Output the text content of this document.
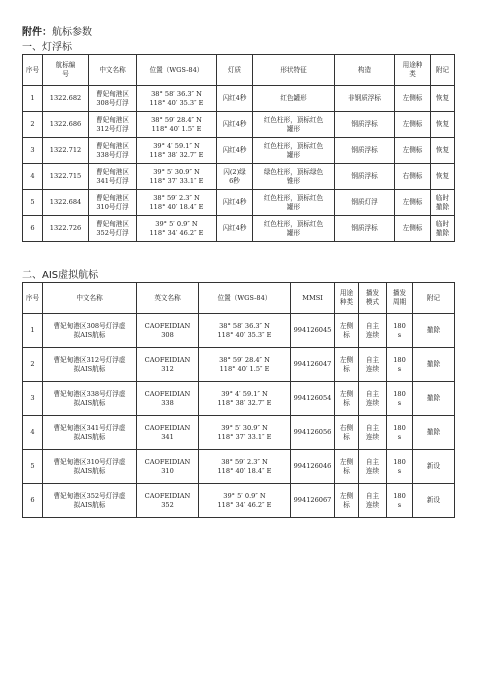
附件：航标参数
一、灯浮标
序号	航标编
号	中文名称	位置（WGS-84）	灯质	形状特征	构造	用途种
类	附记
1	1322.682	曹妃甸港区
308号灯浮	38° 58′ 36.3″ N
118° 40′ 35.3″ E	闪红4秒	红色罐形	非钢质浮标	左侧标	恢复
2	1322.686	曹妃甸港区
312号灯浮	38° 59′ 28.4″ N
118° 40′ 1.5″ E	闪红4秒	红色柱形，顶标红色
罐形	钢质浮标	左侧标	恢复
3	1322.712	曹妃甸港区
338号灯浮	39° 4′ 59.1″ N
118° 38′ 32.7″ E	闪红4秒	红色柱形，顶标红色
罐形	钢质浮标	左侧标	恢复
4	1322.715	曹妃甸港区
341号灯浮	39° 5′ 30.9″ N
118° 37′ 33.1″ E	闪(2)绿
6秒	绿色柱形，顶标绿色
锥形	钢质浮标	右侧标	恢复
5	1322.684	曹妃甸港区
310号灯浮	38° 59′ 2.3″ N
118° 40′ 18.4″ E	闪红4秒	红色柱形，顶标红色
罐形	钢质灯浮	左侧标	临时
撤除
6	1322.726	曹妃甸港区
352号灯浮	39° 5′ 0.9″ N
118° 34′ 46.2″ E	闪红4秒	红色柱形，顶标红色
罐形	钢质浮标	左侧标	临时
撤除
二、AIS虚拟航标
序号	中文名称	英文名称	位置（WGS-84）	MMSI	用途
种类	播发
模式	播发
周期	附记
1	曹妃甸港区308号灯浮虚
拟AIS航标	CAOFEIDIAN
308	38° 58′ 36.3″ N
118° 40′ 35.3″ E	994126045	左侧
标	自主
连续	180
s	撤除
2	曹妃甸港区312号灯浮虚
拟AIS航标	CAOFEIDIAN
312	38° 59′ 28.4″ N
118° 40′ 1.5″ E	994126047	左侧
标	自主
连续	180
s	撤除
3	曹妃甸港区338号灯浮虚
拟AIS航标	CAOFEIDIAN
338	39° 4′ 59.1″ N
118° 38′ 32.7″ E	994126054	左侧
标	自主
连续	180
s	撤除
4	曹妃甸港区341号灯浮虚
拟AIS航标	CAOFEIDIAN
341	39° 5′ 30.9″ N
118° 37′ 33.1″ E	994126056	右侧
标	自主
连续	180
s	撤除
5	曹妃甸港区310号灯浮虚
拟AIS航标	CAOFEIDIAN
310	38° 59′ 2.3″ N
118° 40′ 18.4″ E	994126046	左侧
标	自主
连续	180
s	新设
6	曹妃甸港区352号灯浮虚
拟AIS航标	CAOFEIDIAN
352	39° 5′ 0.9″ N
118° 34′ 46.2″ E	994126067	左侧
标	自主
连续	180
s	新设
